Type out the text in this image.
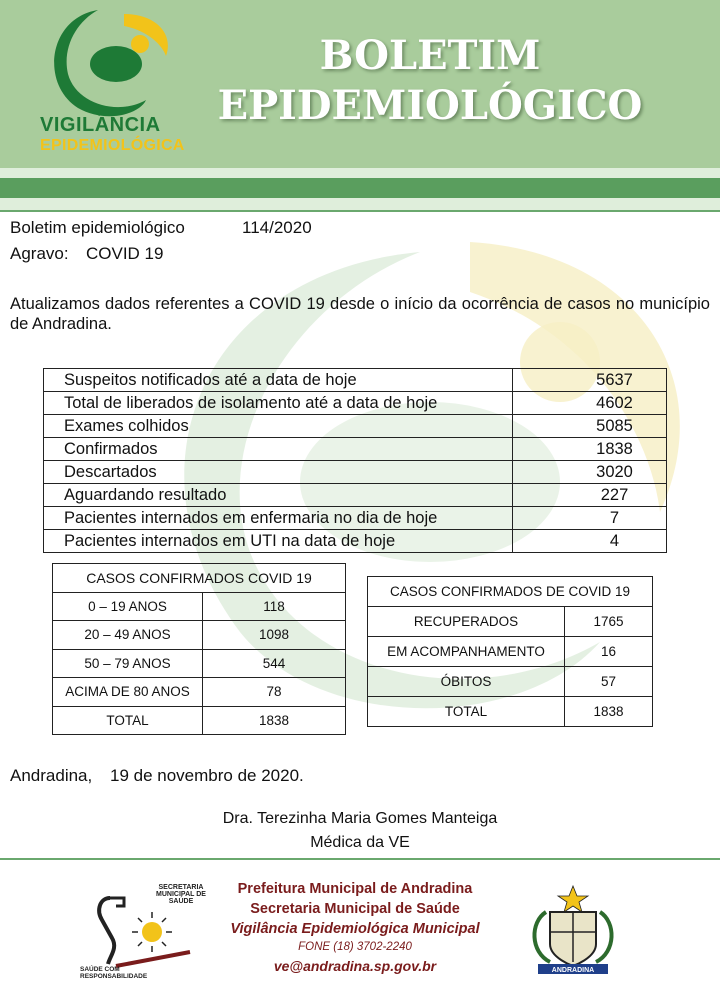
VIGILÂNCIA
EPIDEMIOLÓGICA
BOLETIM
EPIDEMIOLÓGICO
Boletim epidemiológico	114/2020
Agravo: COVID 19
Atualizamos dados referentes a COVID 19 desde o início da ocorrência de casos no município de Andradina.
Suspeitos notificados até a data de hoje	5637
Total de liberados de isolamento até a data de hoje	4602
Exames colhidos	5085
Confirmados	1838
Descartados	3020
Aguardando resultado	227
Pacientes internados em enfermaria no dia de hoje	7
Pacientes internados em UTI na data de hoje	4
CASOS CONFIRMADOS COVID 19	
0 – 19 ANOS	118
20 – 49 ANOS	1098
50 – 79 ANOS	544
ACIMA DE 80 ANOS	78
TOTAL	1838
CASOS CONFIRMADOS DE COVID 19	
RECUPERADOS	1765
EM ACOMPANHAMENTO	16
ÓBITOS	57
TOTAL	1838
Andradina, 19 de novembro de 2020.
Dra. Terezinha Maria Gomes Manteiga
Médica da VE
SECRETARIA MUNICIPAL DE SAÚDE
SAÚDE COM RESPONSABILIDADE
Prefeitura Municipal de Andradina
Secretaria Municipal de Saúde
Vigilância Epidemiológica Municipal
FONE (18) 3702-2240
ve@andradina.sp.gov.br	ANDRADINA
